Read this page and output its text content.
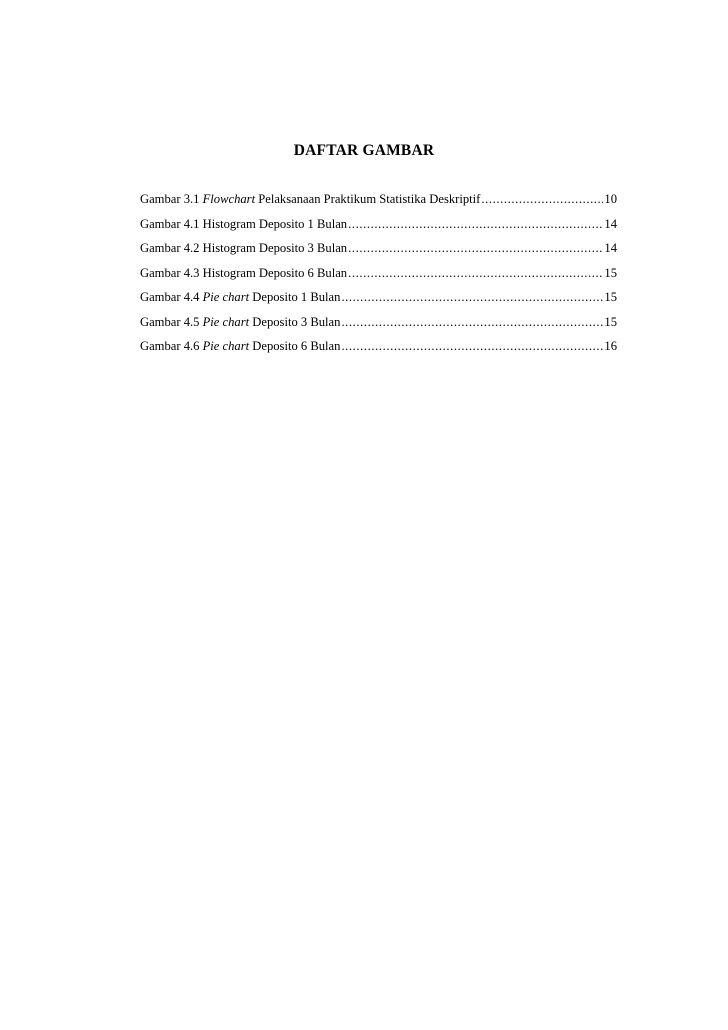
DAFTAR GAMBAR
Gambar 3.1 Flowchart Pelaksanaan Praktikum Statistika Deskriptif .....	10
Gambar 4.1 Histogram Deposito 1 Bulan .....	14
Gambar 4.2 Histogram Deposito 3 Bulan .....	14
Gambar 4.3 Histogram Deposito 6 Bulan .....	15
Gambar 4.4 Pie chart Deposito 1 Bulan .....	15
Gambar 4.5 Pie chart Deposito 3 Bulan .....	15
Gambar 4.6 Pie chart Deposito 6 Bulan .....	16
